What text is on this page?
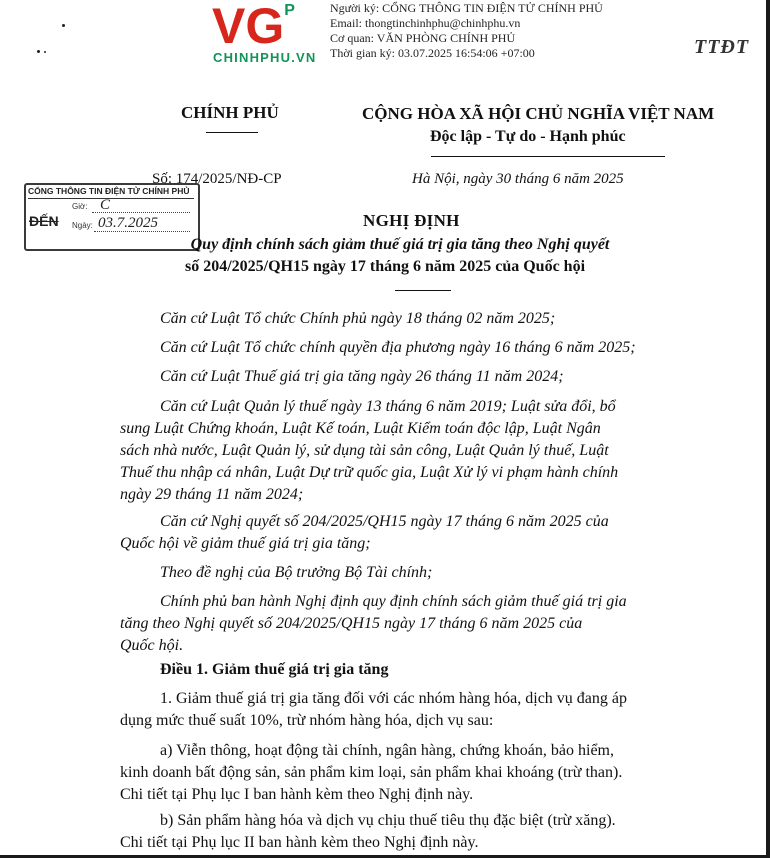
VG P
CHINHPHU.VN
Người ký: CỔNG THÔNG TIN ĐIỆN TỬ CHÍNH PHỦ
Email: thongtinchinhphu@chinhphu.vn
Cơ quan: VĂN PHÒNG CHÍNH PHỦ
Thời gian ký: 03.07.2025 16:54:06 +07:00	TTĐT
CHÍNH PHỦ	CỘNG HÒA XÃ HỘI CHỦ NGHĨA VIỆT NAM
Độc lập - Tự do - Hạnh phúc
Số: 174/2025/NĐ-CP	Hà Nội, ngày 30 tháng 6 năm 2025
CỔNG THÔNG TIN ĐIỆN TỬ CHÍNH PHỦ
ĐẾN
Giờ: C
Ngày: 03.7.2025	NGHỊ ĐỊNH
Quy định chính sách giảm thuế giá trị gia tăng theo Nghị quyết
số 204/2025/QH15 ngày 17 tháng 6 năm 2025 của Quốc hội
Căn cứ Luật Tổ chức Chính phủ ngày 18 tháng 02 năm 2025;
Căn cứ Luật Tổ chức chính quyền địa phương ngày 16 tháng 6 năm 2025;
Căn cứ Luật Thuế giá trị gia tăng ngày 26 tháng 11 năm 2024;
Căn cứ Luật Quản lý thuế ngày 13 tháng 6 năm 2019; Luật sửa đổi, bổ
sung Luật Chứng khoán, Luật Kế toán, Luật Kiểm toán độc lập, Luật Ngân
sách nhà nước, Luật Quản lý, sử dụng tài sản công, Luật Quản lý thuế, Luật
Thuế thu nhập cá nhân, Luật Dự trữ quốc gia, Luật Xử lý vi phạm hành chính
ngày 29 tháng 11 năm 2024;
Căn cứ Nghị quyết số 204/2025/QH15 ngày 17 tháng 6 năm 2025 của
Quốc hội về giảm thuế giá trị gia tăng;
Theo đề nghị của Bộ trưởng Bộ Tài chính;
Chính phủ ban hành Nghị định quy định chính sách giảm thuế giá trị gia
tăng theo Nghị quyết số 204/2025/QH15 ngày 17 tháng 6 năm 2025 của
Quốc hội.
Điều 1. Giảm thuế giá trị gia tăng
1. Giảm thuế giá trị gia tăng đối với các nhóm hàng hóa, dịch vụ đang áp
dụng mức thuế suất 10%, trừ nhóm hàng hóa, dịch vụ sau:
a) Viễn thông, hoạt động tài chính, ngân hàng, chứng khoán, bảo hiểm,
kinh doanh bất động sản, sản phẩm kim loại, sản phẩm khai khoáng (trừ than).
Chi tiết tại Phụ lục I ban hành kèm theo Nghị định này.
b) Sản phẩm hàng hóa và dịch vụ chịu thuế tiêu thụ đặc biệt (trừ xăng).
Chi tiết tại Phụ lục II ban hành kèm theo Nghị định này.
